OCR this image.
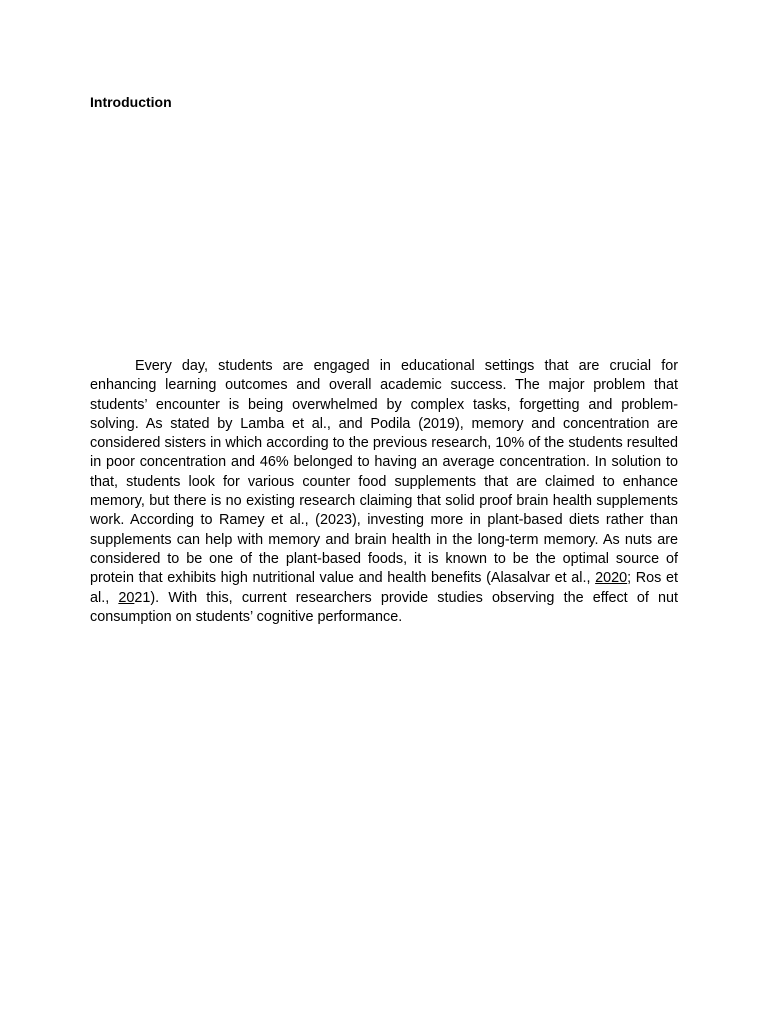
Introduction

Every day, students are engaged in educational settings that are crucial for enhancing learning outcomes and overall academic success. The major problem that students’ encounter is being overwhelmed by complex tasks, forgetting and problem-solving. As stated by Lamba et al., and Podila (2019), memory and concentration are considered sisters in which according to the previous research, 10% of the students resulted in poor concentration and 46% belonged to having an average concentration. In solution to that, students look for various counter food supplements that are claimed to enhance memory, but there is no existing research claiming that solid proof brain health supplements work. According to Ramey et al., (2023), investing more in plant-based diets rather than supplements can help with memory and brain health in the long-term memory. As nuts are considered to be one of the plant-based foods, it is known to be the optimal source of protein that exhibits high nutritional value and health benefits (Alasalvar et al., 2020; Ros et al., 2021). With this, current researchers provide studies observing the effect of nut consumption on students’ cognitive performance.
